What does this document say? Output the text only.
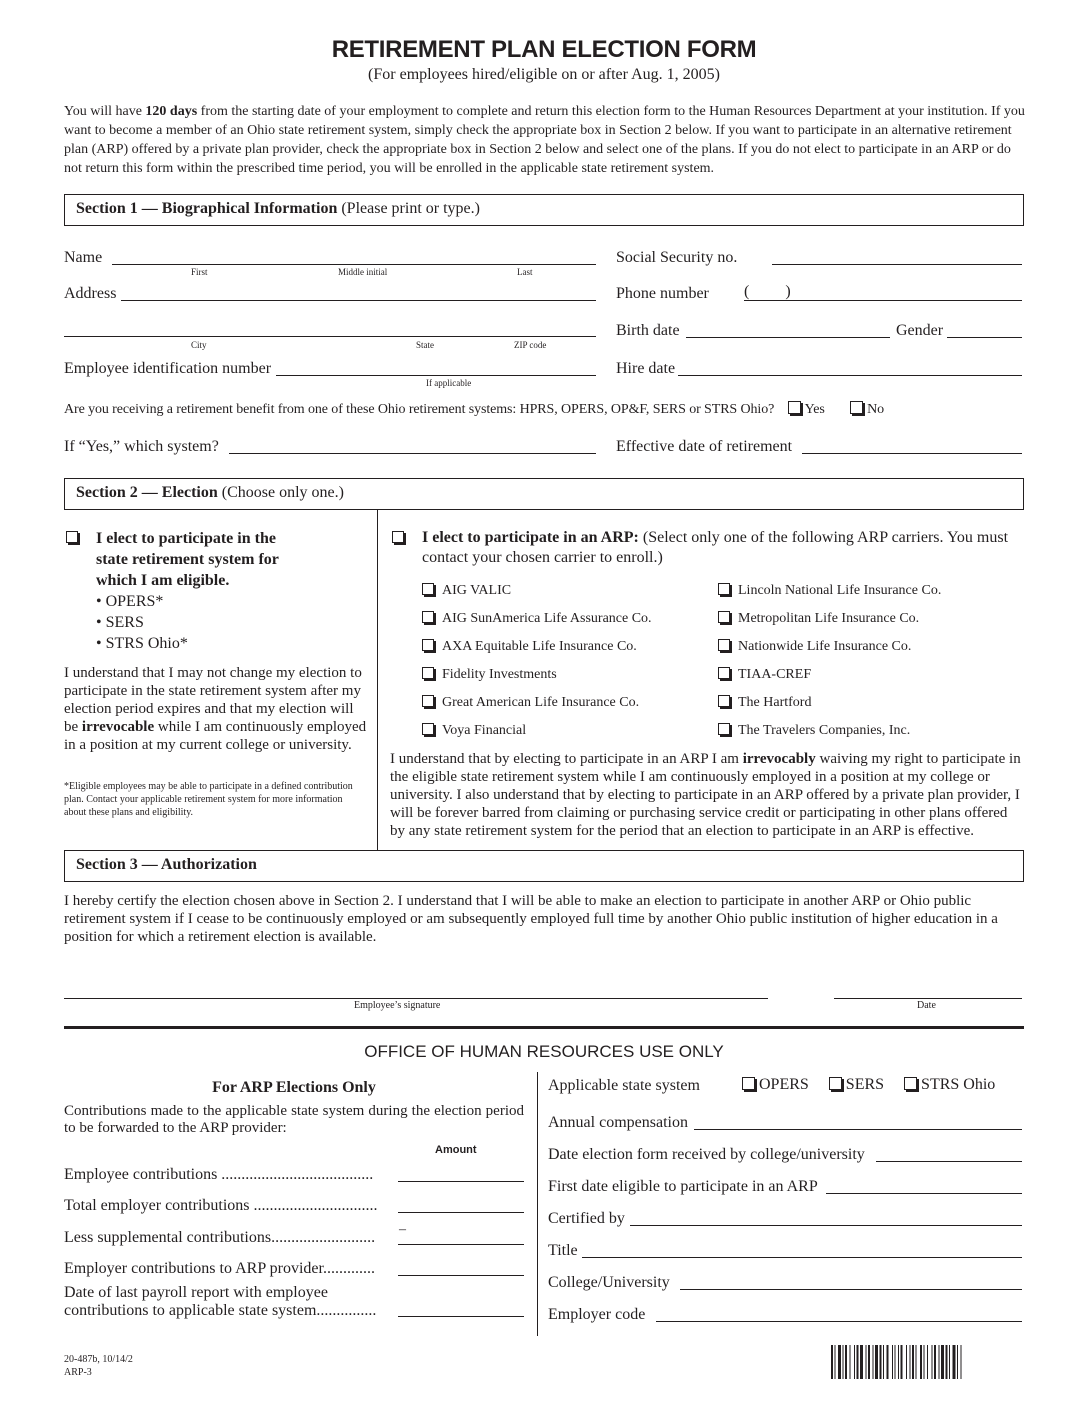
RETIREMENT PLAN ELECTION FORM
(For employees hired/eligible on or after Aug. 1, 2005)
You will have 120 days from the starting date of your employment to complete and return this election form to the Human Resources Department at your institution. If you want to become a member of an Ohio state retirement system, simply check the appropriate box in Section 2 below. If you want to participate in an alternative retirement plan (ARP) offered by a private plan provider, check the appropriate box in Section 2 below and select one of the plans. If you do not elect to participate in an ARP or do not return this form within the prescribed time period, you will be enrolled in the applicable state retirement system.
Section 1 — Biographical Information (Please print or type.)
Name
First	Middle initial	Last
Address
City	State	ZIP code
Employee identification number
If applicable
Social Security no.
Phone number (         )
Birth date	Gender
Hire date
Are you receiving a retirement benefit from one of these Ohio retirement systems: HPRS, OPERS, OP&F, SERS or STRS Ohio? Yes	No
If “Yes,” which system?	Effective date of retirement
Section 2 — Election (Choose only one.)
I elect to participate in the state retirement system for which I am eligible.
• OPERS*
• SERS
• STRS Ohio*
I understand that I may not change my election to participate in the state retirement system after my election period expires and that my election will be irrevocable while I am continuously employed in a position at my current college or university.
*Eligible employees may be able to participate in a defined contribution plan. Contact your applicable retirement system for more information about these plans and eligibility.
I elect to participate in an ARP: (Select only one of the following ARP carriers. You must contact your chosen carrier to enroll.)
AIG VALIC
AIG SunAmerica Life Assurance Co.
AXA Equitable Life Insurance Co.
Fidelity Investments
Great American Life Insurance Co.
Voya Financial
Lincoln National Life Insurance Co.
Metropolitan Life Insurance Co.
Nationwide Life Insurance Co.
TIAA-CREF
The Hartford
The Travelers Companies, Inc.
I understand that by electing to participate in an ARP I am irrevocably waiving my right to participate in the eligible state retirement system while I am continuously employed in a position at my college or university. I also understand that by electing to participate in an ARP offered by a private plan provider, I will be forever barred from claiming or purchasing service credit or participating in other plans offered by any state retirement system for the period that an election to participate in an ARP is effective.
Section 3 — Authorization
I hereby certify the election chosen above in Section 2. I understand that I will be able to make an election to participate in another ARP or Ohio public retirement system if I cease to be continuously employed or am subsequently employed full time by another Ohio public institution of higher education in a position for which a retirement election is available.
Employee’s signature	Date
OFFICE OF HUMAN RESOURCES USE ONLY
For ARP Elections Only
Contributions made to the applicable state system during the election period to be forwarded to the ARP provider:
Amount
Employee contributions ......................................
Total employer contributions ...............................
Less supplemental contributions..........................	–
Employer contributions to ARP provider.............
Date of last payroll report with employee contributions to applicable state system...............
Applicable state system	OPERS SERS STRS Ohio
Annual compensation
Date election form received by college/university
First date eligible to participate in an ARP
Certified by
Title
College/University
Employer code
20-487b, 10/14/2
ARP-3
